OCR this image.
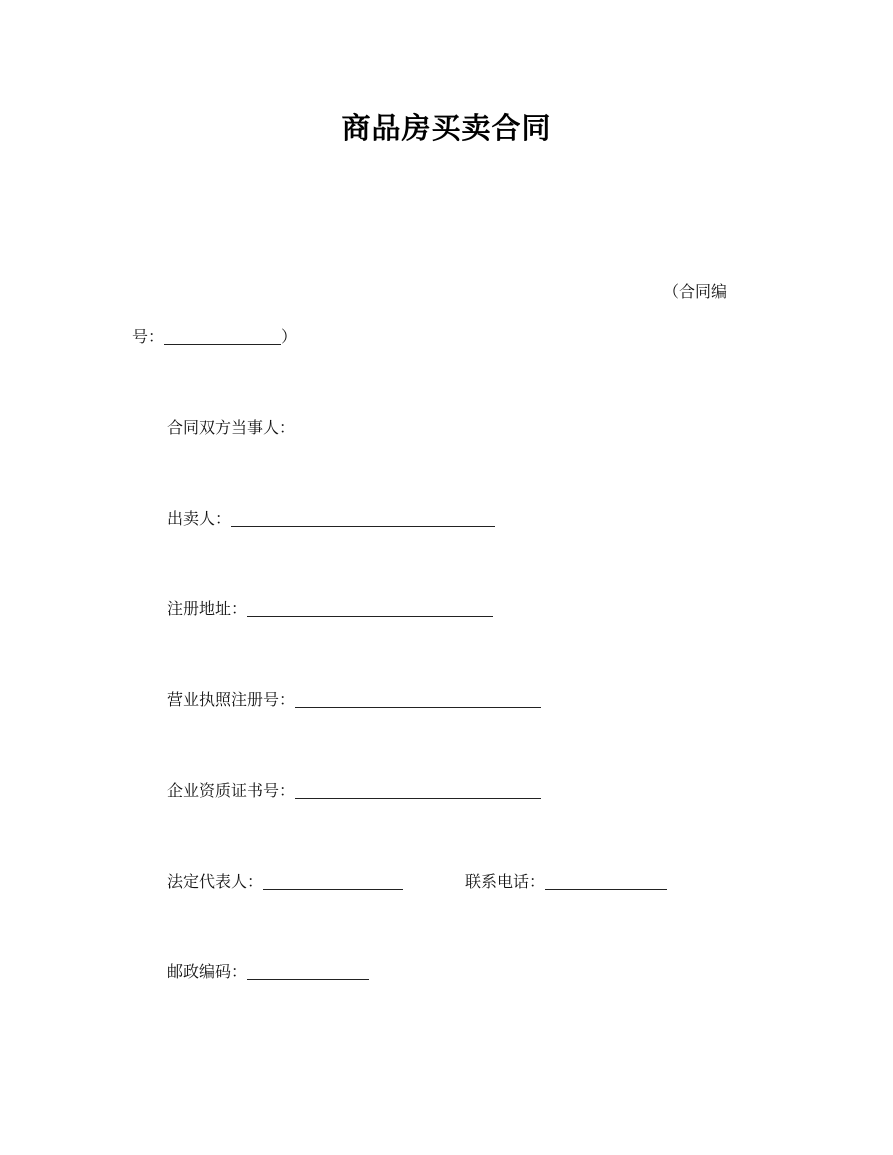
商品房买卖合同
（合同编
号：	）
合同双方当事人：
出卖人：
注册地址：
营业执照注册号：
企业资质证书号：
法定代表人：	联系电话：
邮政编码：
